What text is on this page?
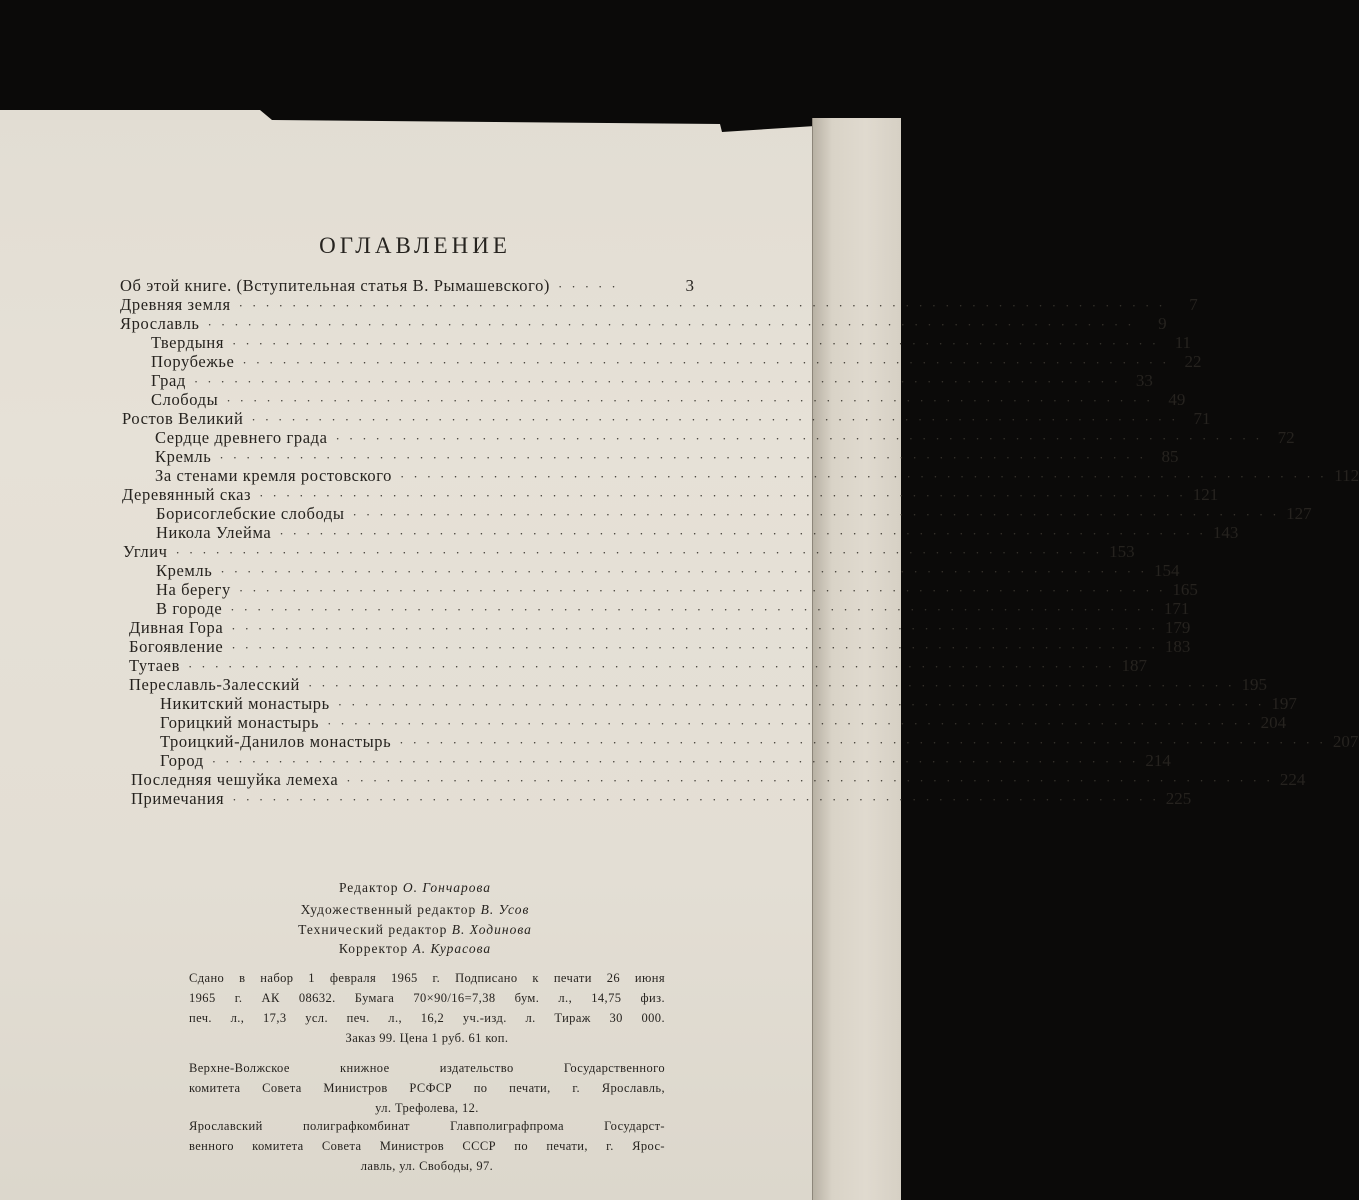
ОГЛАВЛЕНИЕ
Об этой книге. (Вступительная статья В. Рымашевского) ·····	3
Древняя земля ······································································	7
Ярославль ······································································	9
Твердыня ······································································ 11
Порубежье ······································································ 22
Град ······································································ 33
Слободы ······································································ 49
Ростов Великий ······································································ 71
Сердце древнего града ······································································ 72
Кремль ······································································ 85
За стенами кремля ростовского ······································································ 112
Деревянный сказ ······································································ 121
Борисоглебские слободы ······································································ 127
Никола Улейма ······································································ 143
Углич ······································································ 153
Кремль ······································································ 154
На берегу ······································································ 165
В городе ······································································ 171
Дивная Гора ······································································ 179
Богоявление ······································································ 183
Тутаев ······································································ 187
Переславль-Залесский ······································································ 195
Никитский монастырь ······································································ 197
Горицкий монастырь ······································································ 204
Троицкий-Данилов монастырь ······································································ 207
Город ······································································ 214
Последняя чешуйка лемеха ······································································ 224
Примечания ······································································ 225
Редактор О. Гончарова
Художественный редактор В. Усов
Технический редактор В. Ходинова
Корректор А. Курасова
Сдано в набор 1 февраля 1965 г. Подписано к печати 26 июня
1965 г. АК 08632. Бумага 70×90/16=7,38 бум. л., 14,75 физ.
печ. л., 17,3 усл. печ. л., 16,2 уч.-изд. л. Тираж 30 000.
Заказ 99. Цена 1 руб. 61 коп.
Верхне-Волжское книжное издательство Государственного
комитета Совета Министров РСФСР по печати, г. Ярославль,
ул. Трефолева, 12.
Ярославский полиграфкомбинат Главполиграфпрома Государст-
венного комитета Совета Министров СССР по печати, г. Ярос-
лавль, ул. Свободы, 97.
